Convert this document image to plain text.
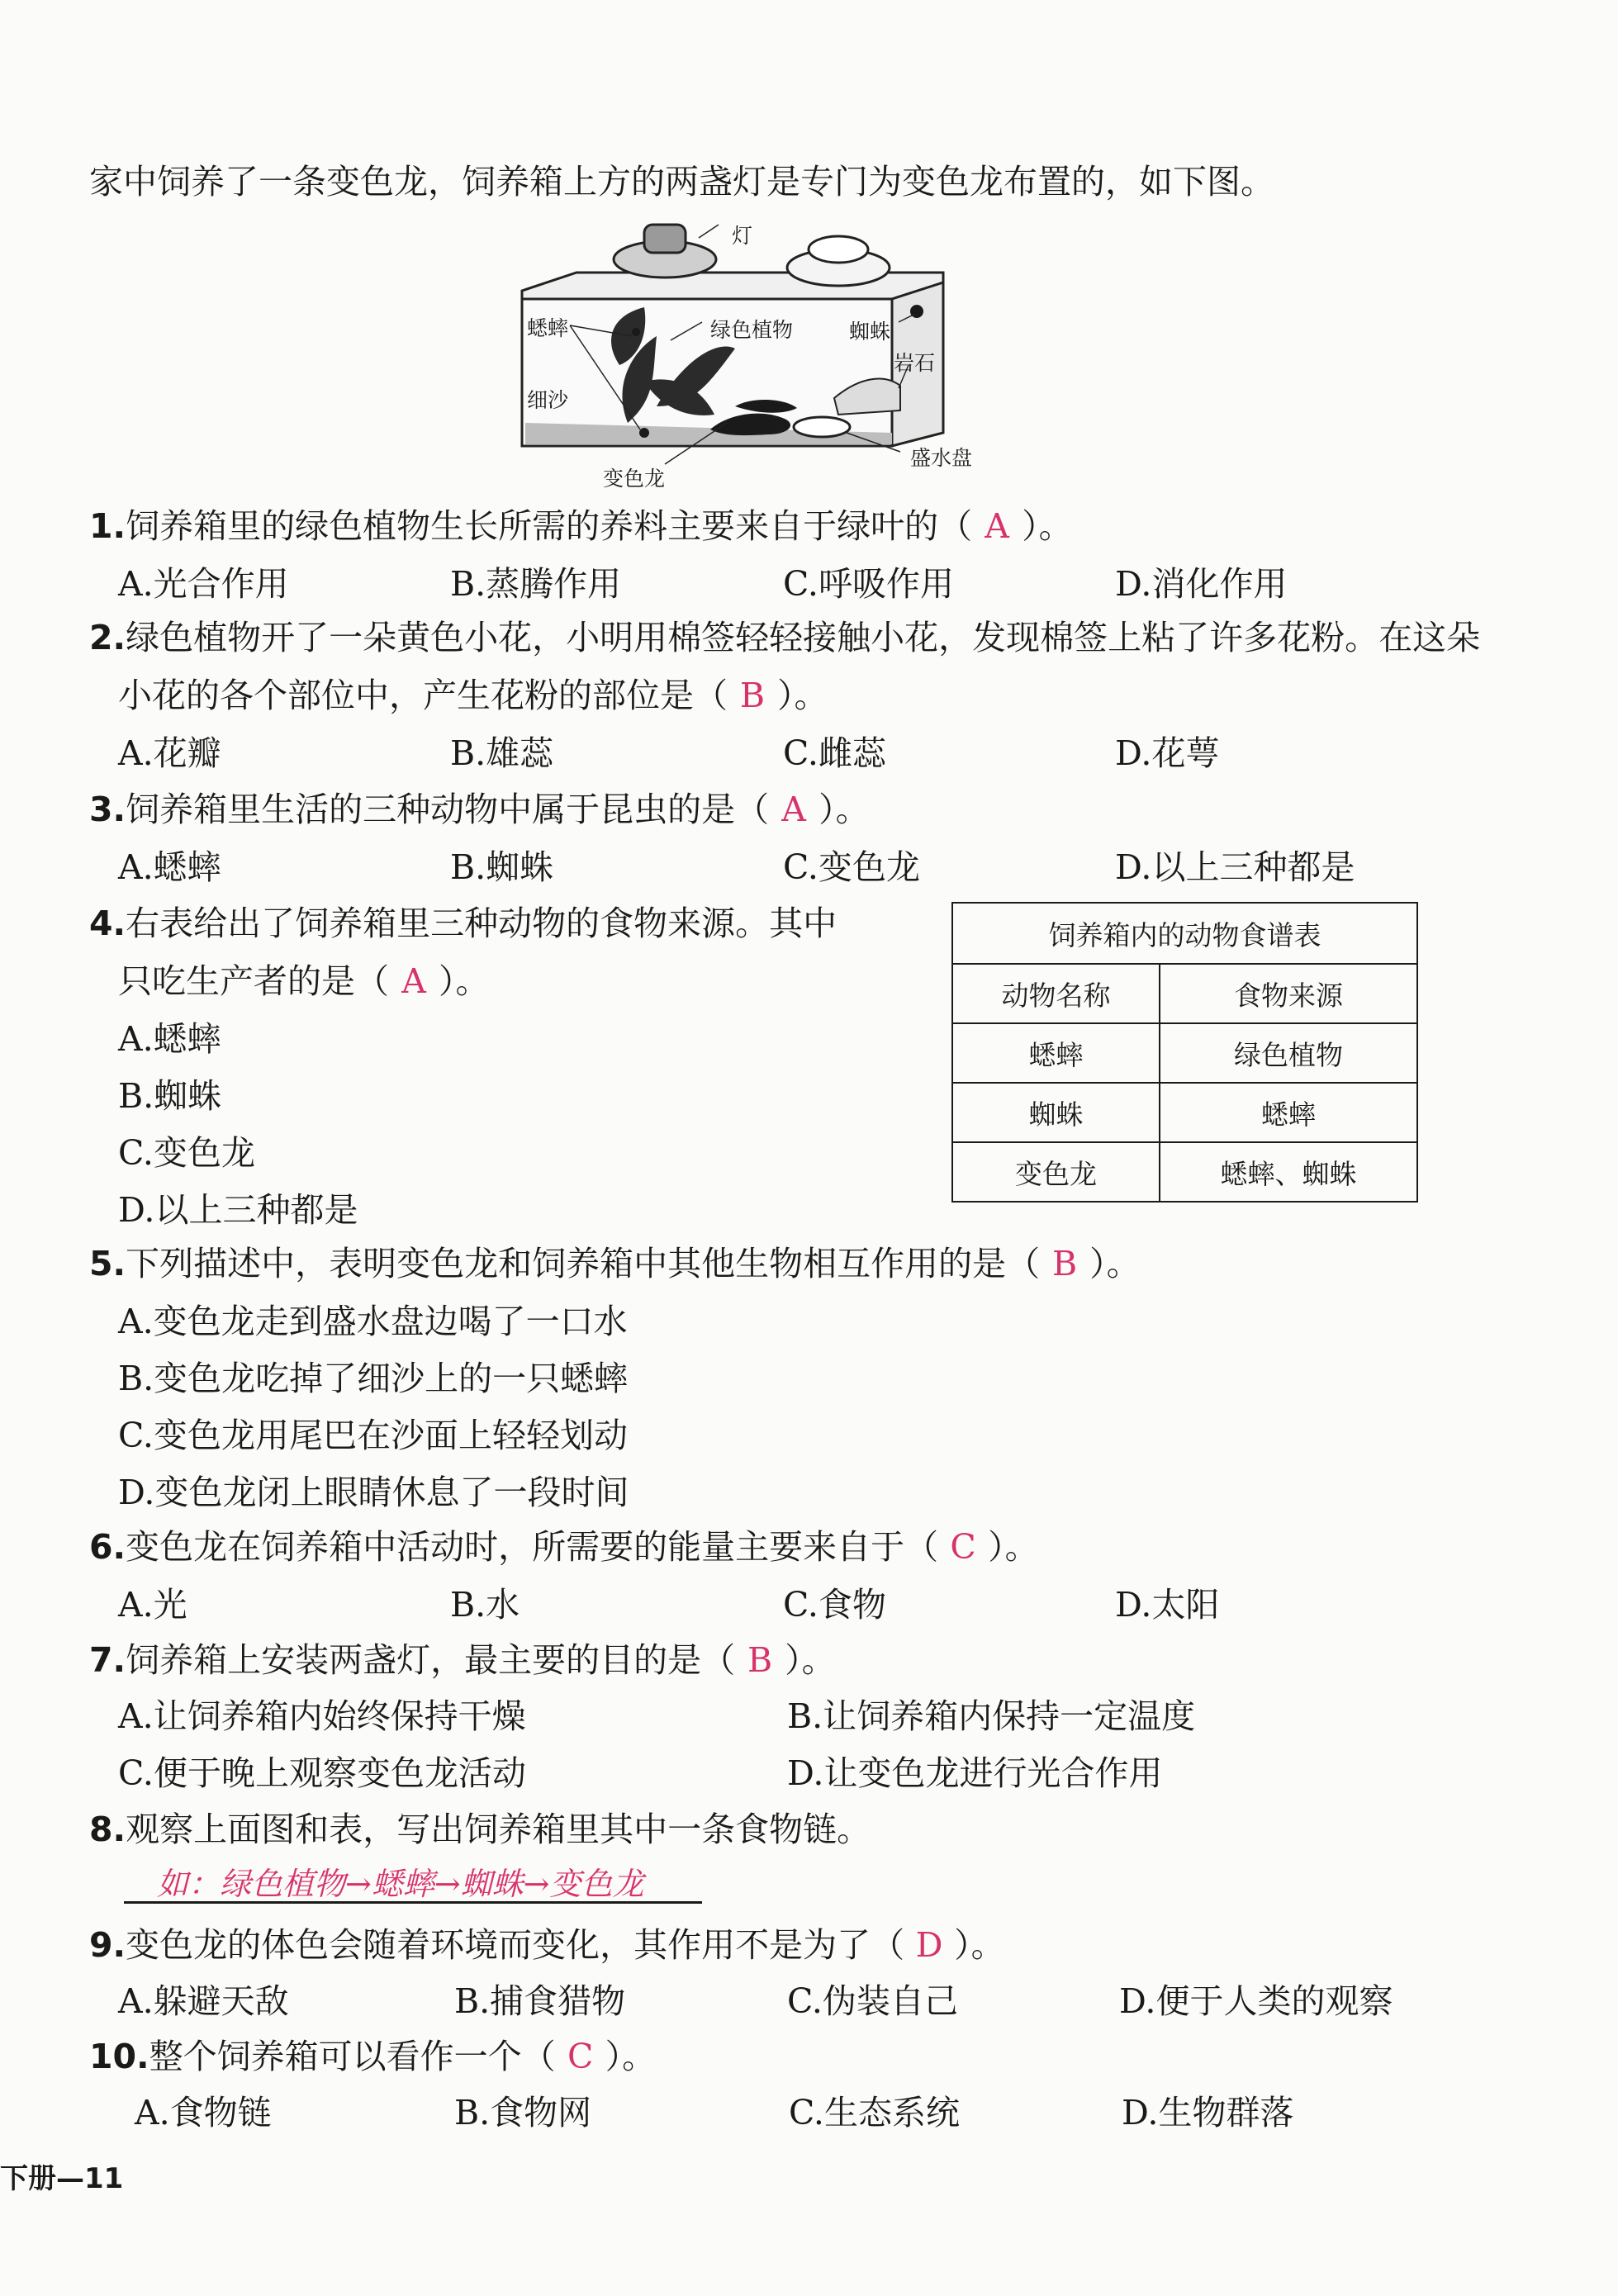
家中饲养了一条变色龙，饲养箱上方的两盏灯是专门为变色龙布置的，如下图。
灯
蟋蟀	绿色植物	蜘蛛
岩石
细沙
盛水盘
变色龙
1.饲养箱里的绿色植物生长所需的养料主要来自于绿叶的（ A ）。
A.光合作用	B.蒸腾作用	C.呼吸作用	D.消化作用
2.绿色植物开了一朵黄色小花，小明用棉签轻轻接触小花，发现棉签上粘了许多花粉。在这朵
小花的各个部位中，产生花粉的部位是（ B ）。
A.花瓣	B.雄蕊	C.雌蕊	D.花萼
3.饲养箱里生活的三种动物中属于昆虫的是（ A ）。
A.蟋蟀	B.蜘蛛	C.变色龙	D.以上三种都是
4.右表给出了饲养箱里三种动物的食物来源。其中
只吃生产者的是（ A ）。
A.蟋蟀
B.蜘蛛
C.变色龙
D.以上三种都是
饲养箱内的动物食谱表	
动物名称	食物来源
蟋蟀	绿色植物
蜘蛛	蟋蟀
变色龙	蟋蟀、蜘蛛
5.下列描述中，表明变色龙和饲养箱中其他生物相互作用的是（ B ）。
A.变色龙走到盛水盘边喝了一口水
B.变色龙吃掉了细沙上的一只蟋蟀
C.变色龙用尾巴在沙面上轻轻划动
D.变色龙闭上眼睛休息了一段时间
6.变色龙在饲养箱中活动时，所需要的能量主要来自于（ C ）。
A.光	B.水	C.食物	D.太阳
7.饲养箱上安装两盏灯，最主要的目的是（ B ）。
A.让饲养箱内始终保持干燥	B.让饲养箱内保持一定温度
C.便于晚上观察变色龙活动	D.让变色龙进行光合作用
8.观察上面图和表，写出饲养箱里其中一条食物链。
如：绿色植物→蟋蟀→蜘蛛→变色龙
9.变色龙的体色会随着环境而变化，其作用不是为了（ D ）。
A.躲避天敌	B.捕食猎物	C.伪装自己	D.便于人类的观察
10.整个饲养箱可以看作一个（ C ）。
A.食物链	B.食物网	C.生态系统	D.生物群落
下册—11
